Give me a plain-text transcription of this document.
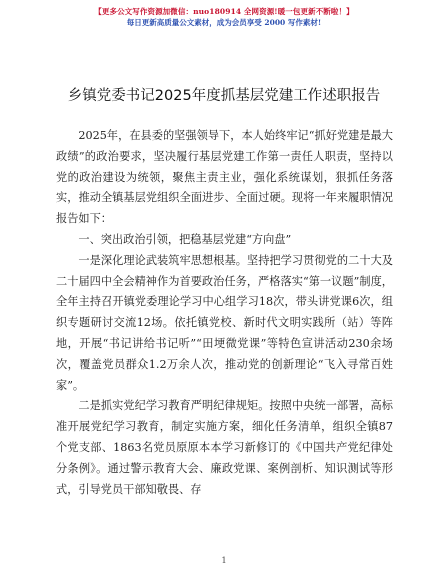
【更多公文写作资源加微信：nuo180914 全网资源!暖一包更新不断啦！】
每日更新高质量公文素材，成为会员享受 2000 写作素材!
乡镇党委书记2025年度抓基层党建工作述职报告

2025年，在县委的坚强领导下，本人始终牢记“抓好党建是最大政绩”的政治要求，坚决履行基层党建工作第一责任人职责，坚持以党的政治建设为统领，聚焦主责主业，强化系统谋划，狠抓任务落实，推动全镇基层党组织全面进步、全面过硬。现将一年来履职情况报告如下：

一、突出政治引领，把稳基层党建“方向盘”

一是深化理论武装筑牢思想根基。坚持把学习贯彻党的二十大及二十届四中全会精神作为首要政治任务，严格落实“第一议题”制度，全年主持召开镇党委理论学习中心组学习18次，带头讲党课6次，组织专题研讨交流12场。依托镇党校、新时代文明实践所（站）等阵地，开展“书记讲给书记听”“田埂微党课”等特色宣讲活动230余场次，覆盖党员群众1.2万余人次，推动党的创新理论“飞入寻常百姓家”。

二是抓实党纪学习教育严明纪律规矩。按照中央统一部署，高标准开展党纪学习教育，制定实施方案，细化任务清单，组织全镇87个党支部、1863名党员原原本本学习新修订的《中国共产党纪律处分条例》。通过警示教育大会、廉政党课、案例剖析、知识测试等形式，引导党员干部知敬畏、存

1
